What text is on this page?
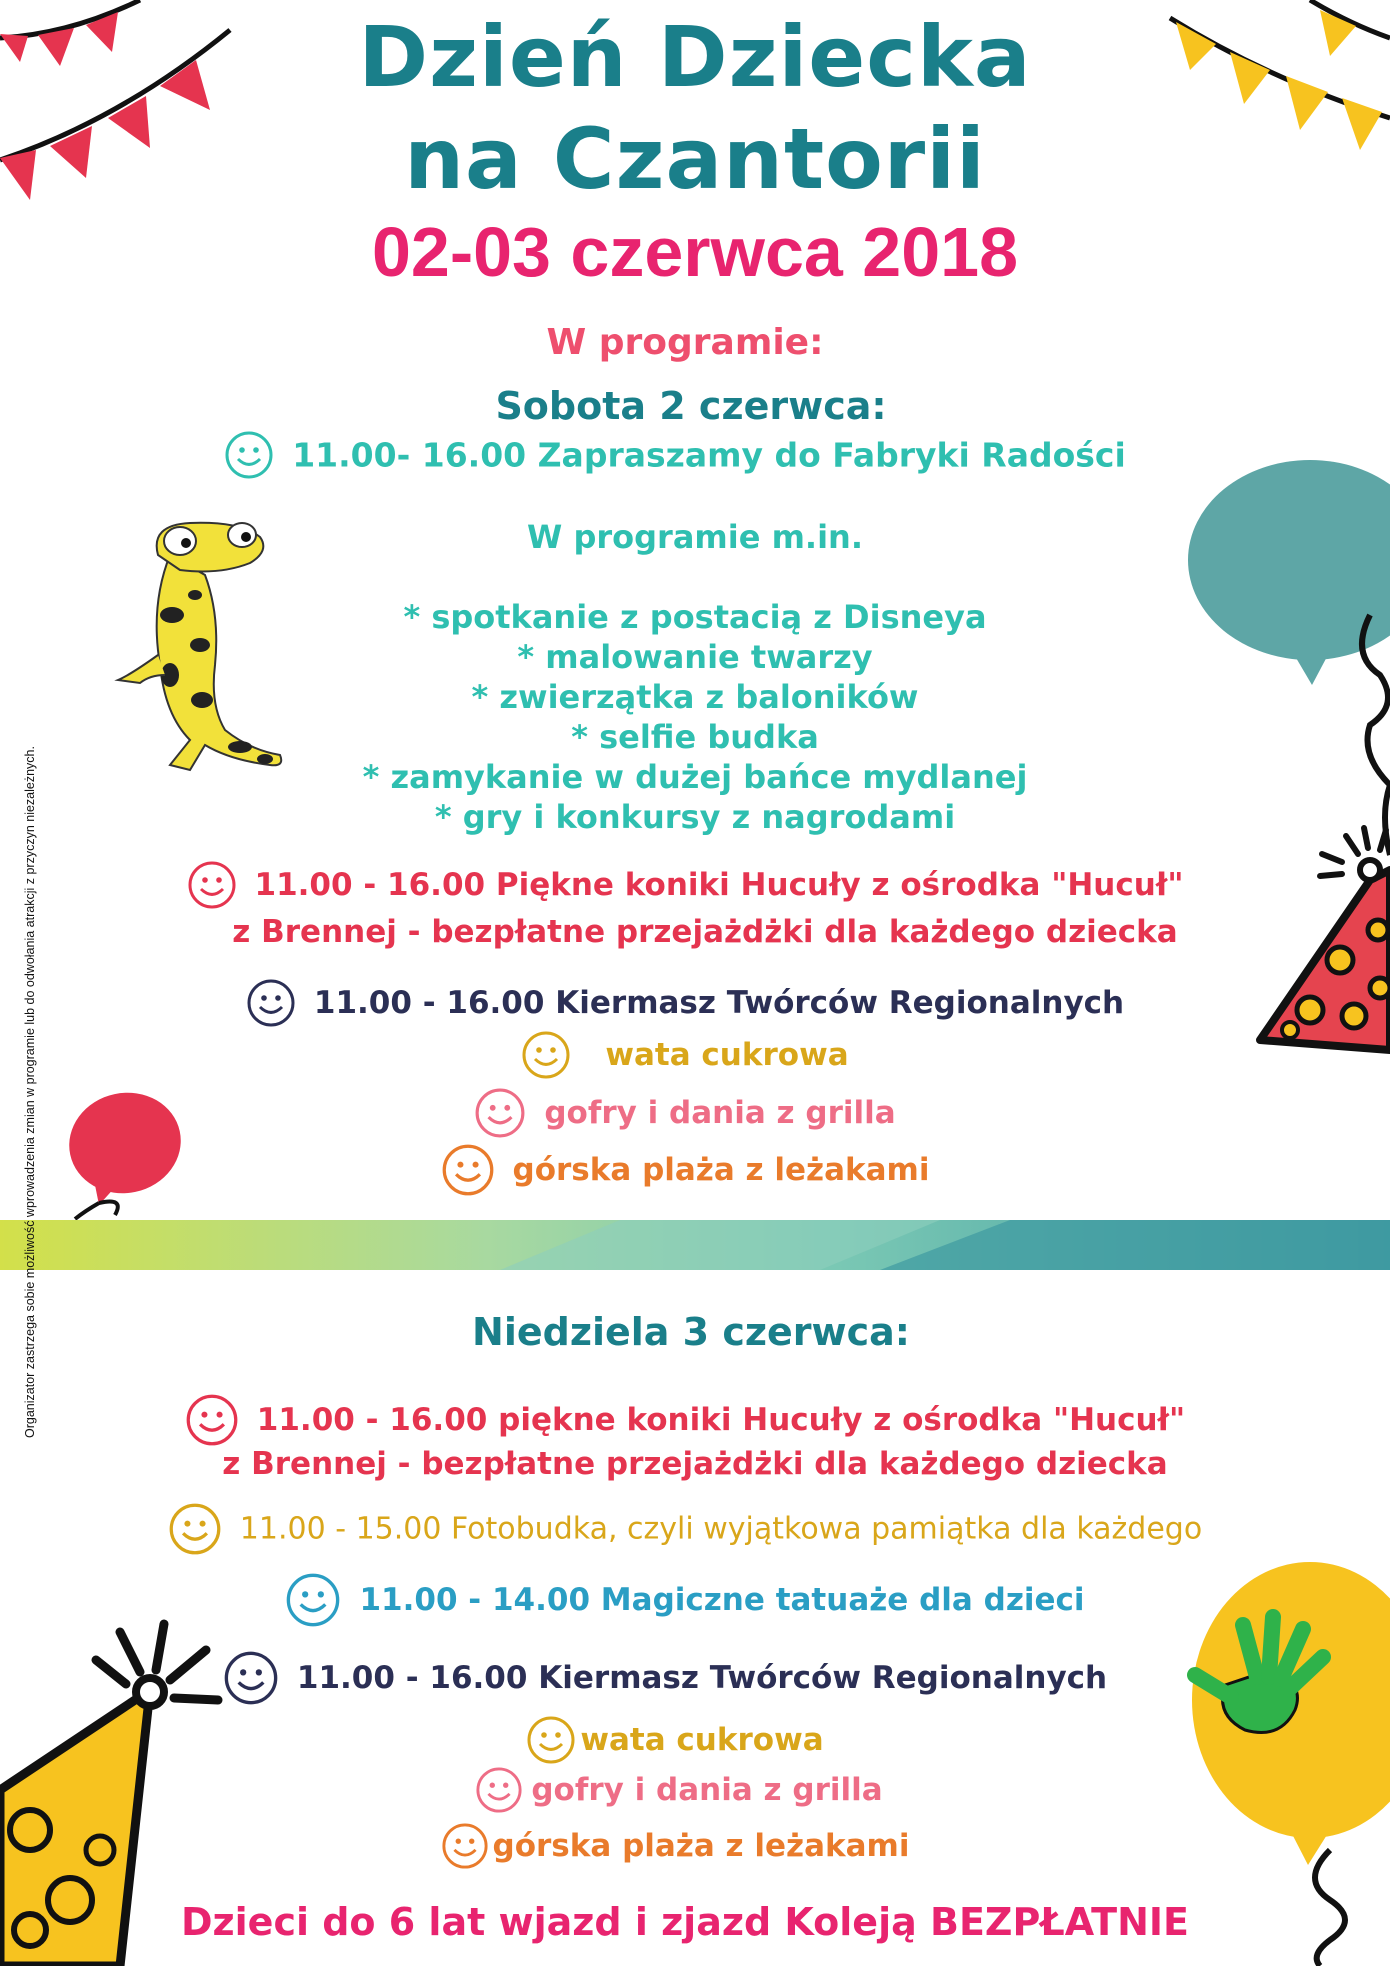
Organizator zastrzega sobie możliwość wprowadzenia zmian w programie lub do odwołania atrakcji z przyczyn niezależnych.
Dzień Dziecka
na Czantorii
02-03 czerwca 2018
W programie:
Sobota 2 czerwca:
11.00- 16.00 Zapraszamy do Fabryki Radości
W programie m.in.
* spotkanie z postacią z Disneya
* malowanie twarzy
* zwierzątka z baloników
* selfie budka
* zamykanie w dużej bańce mydlanej
* gry i konkursy z nagrodami
11.00 - 16.00 Piękne koniki Hucuły z ośrodka "Hucuł"
z Brennej - bezpłatne przejażdżki dla każdego dziecka
11.00 - 16.00 Kiermasz Twórców Regionalnych
wata cukrowa
gofry i dania z grilla
górska plaża z leżakami
Niedziela 3 czerwca:
11.00 - 16.00 piękne koniki Hucuły z ośrodka "Hucuł"
z Brennej - bezpłatne przejażdżki dla każdego dziecka
11.00 - 15.00 Fotobudka, czyli wyjątkowa pamiątka dla każdego
11.00 - 14.00 Magiczne tatuaże dla dzieci
11.00 - 16.00 Kiermasz Twórców Regionalnych
wata cukrowa
gofry i dania z grilla
górska plaża z leżakami
Dzieci do 6 lat wjazd i zjazd Koleją BEZPŁATNIE
